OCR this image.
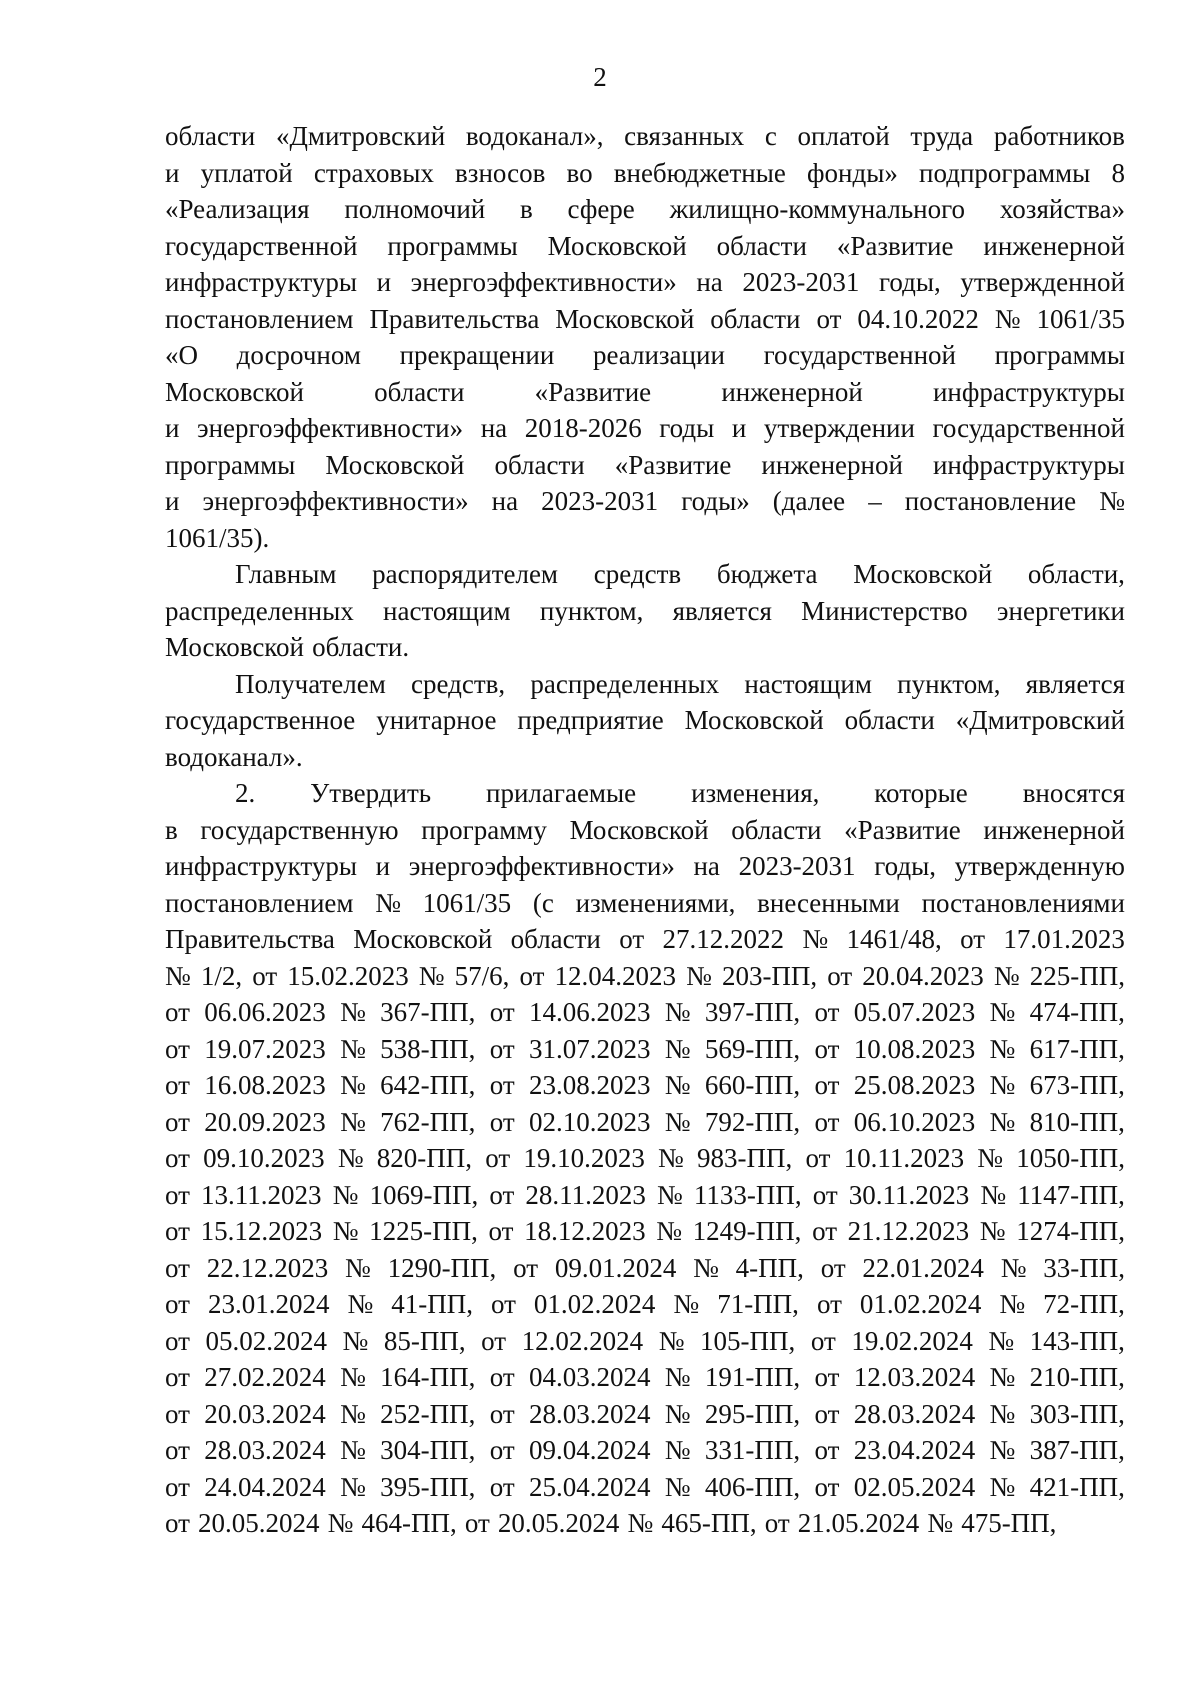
2
области «Дмитровский водоканал», связанных с оплатой труда работников
и уплатой страховых взносов во внебюджетные фонды» подпрограммы 8
«Реализация полномочий в сфере жилищно-коммунального хозяйства»
государственной программы Московской области «Развитие инженерной
инфраструктуры и энергоэффективности» на 2023-2031 годы, утвержденной
постановлением Правительства Московской области от 04.10.2022 № 1061/35
«О досрочном прекращении реализации государственной программы
Московской	области	«Развитие	инженерной	инфраструктуры
и энергоэффективности» на 2018-2026 годы и утверждении государственной
программы Московской области «Развитие инженерной инфраструктуры
и энергоэффективности» на 2023-2031 годы» (далее – постановление №
1061/35).
Главным распорядителем средств бюджета Московской области,
распределенных настоящим пунктом, является Министерство энергетики
Московской области.
Получателем средств, распределенных настоящим пунктом, является
государственное унитарное предприятие Московской области «Дмитровский
водоканал».
2. Утвердить прилагаемые изменения, которые вносятся
в государственную программу Московской области «Развитие инженерной
инфраструктуры и энергоэффективности» на 2023-2031 годы, утвержденную
постановлением № 1061/35 (с изменениями, внесенными постановлениями
Правительства Московской области от 27.12.2022 № 1461/48, от 17.01.2023
№ 1/2, от 15.02.2023 № 57/6, от 12.04.2023 № 203-ПП, от 20.04.2023 № 225-ПП,
от 06.06.2023 № 367-ПП, от 14.06.2023 № 397-ПП, от 05.07.2023 № 474-ПП,
от 19.07.2023 № 538-ПП, от 31.07.2023 № 569-ПП, от 10.08.2023 № 617-ПП,
от 16.08.2023 № 642-ПП, от 23.08.2023 № 660-ПП, от 25.08.2023 № 673-ПП,
от 20.09.2023 № 762-ПП, от 02.10.2023 № 792-ПП, от 06.10.2023 № 810-ПП,
от 09.10.2023 № 820-ПП, от 19.10.2023 № 983-ПП, от 10.11.2023 № 1050-ПП,
от 13.11.2023 № 1069-ПП, от 28.11.2023 № 1133-ПП, от 30.11.2023 № 1147-ПП,
от 15.12.2023 № 1225-ПП, от 18.12.2023 № 1249-ПП, от 21.12.2023 № 1274-ПП,
от 22.12.2023 № 1290-ПП, от 09.01.2024 № 4-ПП, от 22.01.2024 № 33-ПП,
от 23.01.2024 № 41-ПП, от 01.02.2024 № 71-ПП, от 01.02.2024 № 72-ПП,
от 05.02.2024 № 85-ПП, от 12.02.2024 № 105-ПП, от 19.02.2024 № 143-ПП,
от 27.02.2024 № 164-ПП, от 04.03.2024 № 191-ПП, от 12.03.2024 № 210-ПП,
от 20.03.2024 № 252-ПП, от 28.03.2024 № 295-ПП, от 28.03.2024 № 303-ПП,
от 28.03.2024 № 304-ПП, от 09.04.2024 № 331-ПП, от 23.04.2024 № 387-ПП,
от 24.04.2024 № 395-ПП, от 25.04.2024 № 406-ПП, от 02.05.2024 № 421-ПП,
от 20.05.2024 № 464-ПП, от 20.05.2024 № 465-ПП, от 21.05.2024 № 475-ПП,
